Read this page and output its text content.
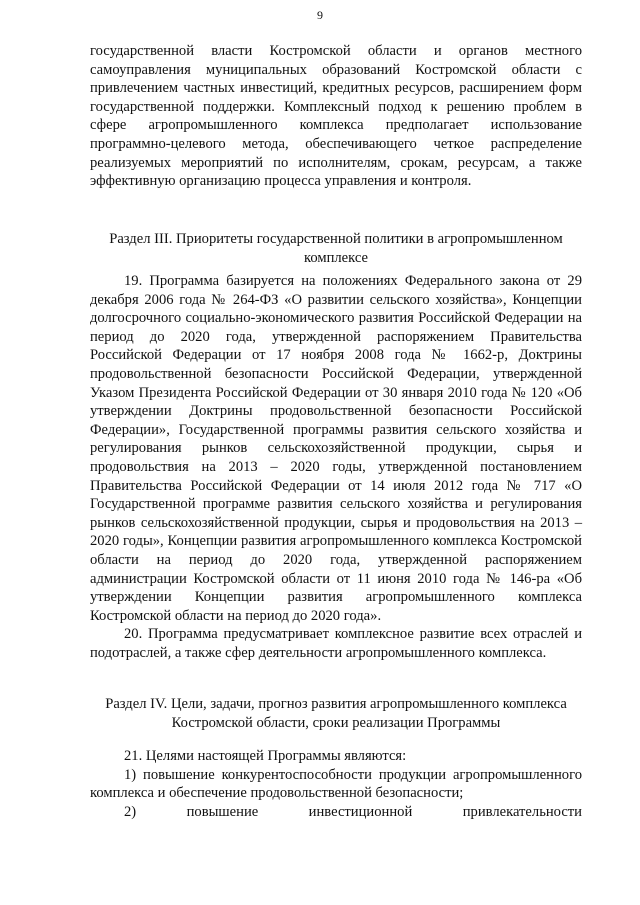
9

государственной власти Костромской области и органов местного самоуправления муниципальных образований Костромской области с привлечением частных инвестиций, кредитных ресурсов, расширением форм государственной поддержки. Комплексный подход к решению проблем в сфере агропромышленного комплекса предполагает использование программно-целевого метода, обеспечивающего четкое распределение реализуемых мероприятий по исполнителям, срокам, ресурсам, а также эффективную организацию процесса управления и контроля.

Раздел III. Приоритеты государственной политики в агропромышленном комплексе

19. Программа базируется на положениях Федерального закона от 29 декабря 2006 года № 264-ФЗ «О развитии сельского хозяйства», Концепции долгосрочного социально-экономического развития Российской Федерации на период до 2020 года, утвержденной распоряжением Правительства Российской Федерации от 17 ноября 2008 года № 1662-р, Доктрины продовольственной безопасности Российской Федерации, утвержденной Указом Президента Российской Федерации от 30 января 2010 года № 120 «Об утверждении Доктрины продовольственной безопасности Российской Федерации», Государственной программы развития сельского хозяйства и регулирования рынков сельскохозяйственной продукции, сырья и продовольствия на 2013 – 2020 годы, утвержденной постановлением Правительства Российской Федерации от 14 июля 2012 года № 717 «О Государственной программе развития сельского хозяйства и регулирования рынков сельскохозяйственной продукции, сырья и продовольствия на 2013 – 2020 годы», Концепции развития агропромышленного комплекса Костромской области на период до 2020 года, утвержденной распоряжением администрации Костромской области от 11 июня 2010 года № 146-ра «Об утверждении Концепции развития агропромышленного комплекса Костромской области на период до 2020 года».

20. Программа предусматривает комплексное развитие всех отраслей и подотраслей, а также сфер деятельности агропромышленного комплекса.

Раздел IV. Цели, задачи, прогноз развития агропромышленного комплекса Костромской области, сроки реализации Программы

21. Целями настоящей Программы являются:

1) повышение конкурентоспособности продукции агропромышленного комплекса и обеспечение продовольственной безопасности;

2) повышение инвестиционной привлекательности
